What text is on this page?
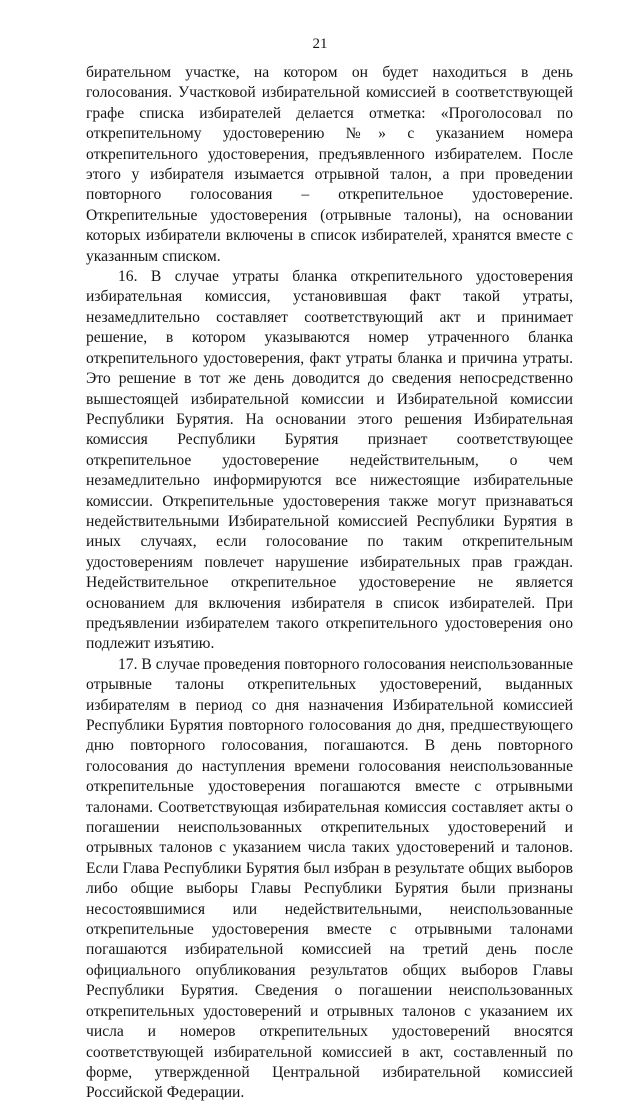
21

бирательном участке, на котором он будет находиться в день голосования. Участковой избирательной комиссией в соответствующей графе списка избирателей делается отметка: «Проголосовал по открепительному удостоверению №» с указанием номера открепительного удостоверения, предъявленного избирателем. После этого у избирателя изымается отрывной талон, а при проведении повторного голосования – открепительное удостоверение. Открепительные удостоверения (отрывные талоны), на основании которых избиратели включены в список избирателей, хранятся вместе с указанным списком.

16. В случае утраты бланка открепительного удостоверения избирательная комиссия, установившая факт такой утраты, незамедлительно составляет соответствующий акт и принимает решение, в котором указываются номер утраченного бланка открепительного удостоверения, факт утраты бланка и причина утраты. Это решение в тот же день доводится до сведения непосредственно вышестоящей избирательной комиссии и Избирательной комиссии Республики Бурятия. На основании этого решения Избирательная комиссия Республики Бурятия признает соответствующее открепительное удостоверение недействительным, о чем незамедлительно информируются все нижестоящие избирательные комиссии. Открепительные удостоверения также могут признаваться недействительными Избирательной комиссией Республики Бурятия в иных случаях, если голосование по таким открепительным удостоверениям повлечет нарушение избирательных прав граждан. Недействительное открепительное удостоверение не является основанием для включения избирателя в список избирателей. При предъявлении избирателем такого открепительного удостоверения оно подлежит изъятию.

17. В случае проведения повторного голосования неиспользованные отрывные талоны открепительных удостоверений, выданных избирателям в период со дня назначения Избирательной комиссией Республики Бурятия повторного голосования до дня, предшествующего дню повторного голосования, погашаются. В день повторного голосования до наступления времени голосования неиспользованные открепительные удостоверения погашаются вместе с отрывными талонами. Соответствующая избирательная комиссия составляет акты о погашении неиспользованных открепительных удостоверений и отрывных талонов с указанием числа таких удостоверений и талонов. Если Глава Республики Бурятия был избран в результате общих выборов либо общие выборы Главы Республики Бурятия были признаны несостоявшимися или недействительными, неиспользованные открепительные удостоверения вместе с отрывными талонами погашаются избирательной комиссией на третий день после официального опубликования результатов общих выборов Главы Республики Бурятия. Сведения о погашении неиспользованных открепительных удостоверений и отрывных талонов с указанием их числа и номеров открепительных удостоверений вносятся соответствующей избирательной комиссией в акт, составленный по форме, утвержденной Центральной избирательной комиссией Российской Федерации.
